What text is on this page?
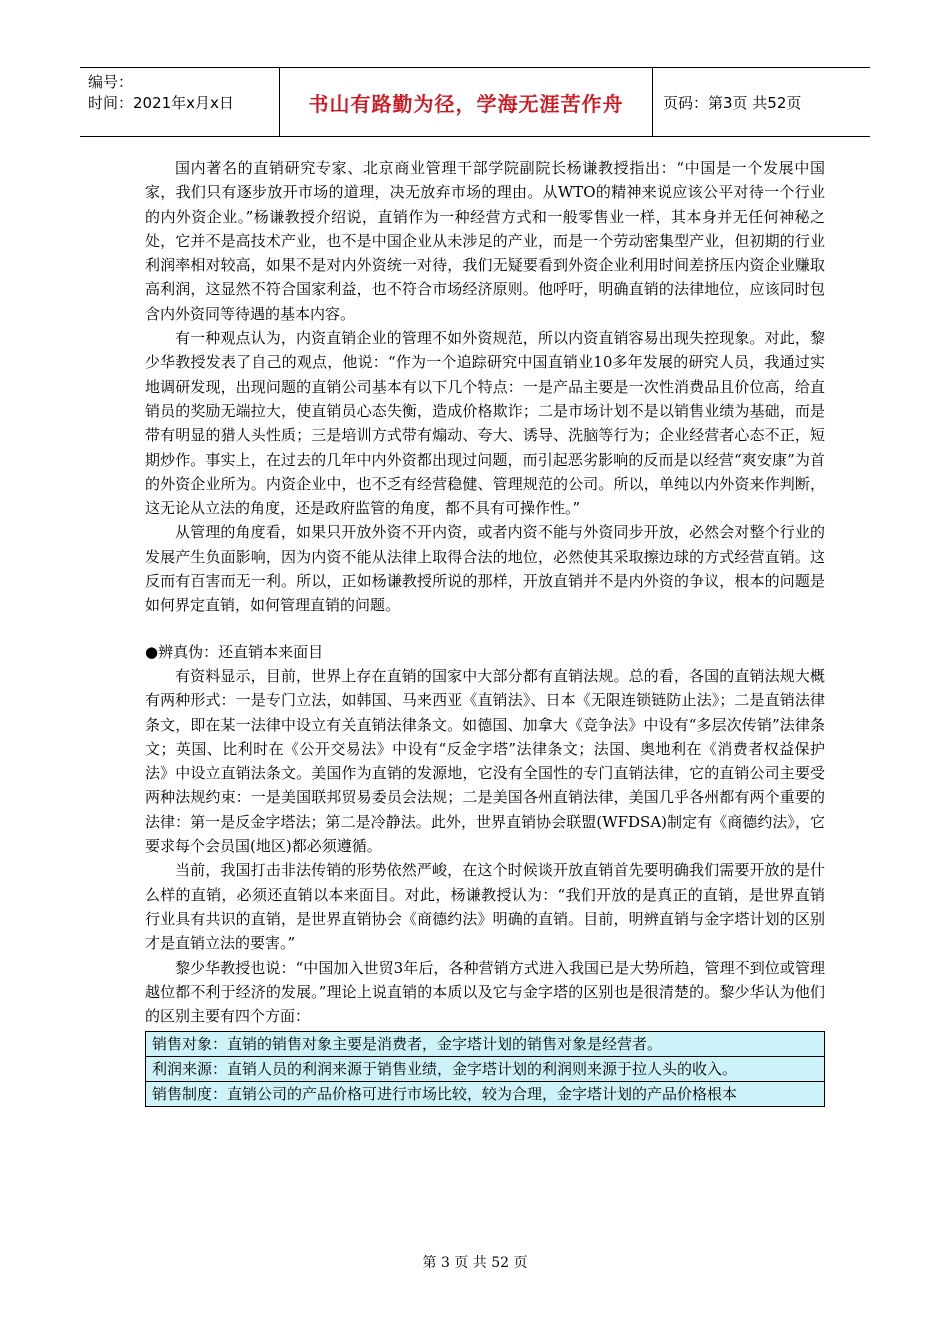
编号：
时间：2021年x月x日	书山有路勤为径，学海无涯苦作舟	页码：第3页 共52页

国内著名的直销研究专家、北京商业管理干部学院副院长杨谦教授指出：“中国是一个发展中国家，我们只有逐步放开市场的道理，决无放弃市场的理由。从WTO的精神来说应该公平对待一个行业的内外资企业。”杨谦教授介绍说，直销作为一种经营方式和一般零售业一样，其本身并无任何神秘之处，它并不是高技术产业，也不是中国企业从未涉足的产业，而是一个劳动密集型产业，但初期的行业利润率相对较高，如果不是对内外资统一对待，我们无疑要看到外资企业利用时间差挤压内资企业赚取高利润，这显然不符合国家利益，也不符合市场经济原则。他呼吁，明确直销的法律地位，应该同时包含内外资同等待遇的基本内容。

有一种观点认为，内资直销企业的管理不如外资规范，所以内资直销容易出现失控现象。对此，黎少华教授发表了自己的观点，他说：“作为一个追踪研究中国直销业10多年发展的研究人员，我通过实地调研发现，出现问题的直销公司基本有以下几个特点：一是产品主要是一次性消费品且价位高，给直销员的奖励无端拉大，使直销员心态失衡，造成价格欺诈；二是市场计划不是以销售业绩为基础，而是带有明显的猎人头性质；三是培训方式带有煽动、夸大、诱导、洗脑等行为；企业经营者心态不正，短期炒作。事实上，在过去的几年中内外资都出现过问题，而引起恶劣影响的反而是以经营“爽安康”为首的外资企业所为。内资企业中，也不乏有经营稳健、管理规范的公司。所以，单纯以内外资来作判断，这无论从立法的角度，还是政府监管的角度，都不具有可操作性。”

从管理的角度看，如果只开放外资不开内资，或者内资不能与外资同步开放，必然会对整个行业的发展产生负面影响，因为内资不能从法律上取得合法的地位，必然使其采取擦边球的方式经营直销。这反而有百害而无一利。所以，正如杨谦教授所说的那样，开放直销并不是内外资的争议，根本的问题是如何界定直销，如何管理直销的问题。

●辨真伪：还直销本来面目

有资料显示，目前，世界上存在直销的国家中大部分都有直销法规。总的看，各国的直销法规大概有两种形式：一是专门立法，如韩国、马来西亚《直销法》、日本《无限连锁链防止法》；二是直销法律条文，即在某一法律中设立有关直销法律条文。如德国、加拿大《竞争法》中设有“多层次传销”法律条文；英国、比利时在《公开交易法》中设有“反金字塔”法律条文；法国、奥地利在《消费者权益保护法》中设立直销法条文。美国作为直销的发源地，它没有全国性的专门直销法律，它的直销公司主要受两种法规约束：一是美国联邦贸易委员会法规；二是美国各州直销法律，美国几乎各州都有两个重要的法律：第一是反金字塔法；第二是冷静法。此外，世界直销协会联盟(WFDSA)制定有《商德约法》，它要求每个会员国(地区)都必须遵循。

当前，我国打击非法传销的形势依然严峻，在这个时候谈开放直销首先要明确我们需要开放的是什么样的直销，必须还直销以本来面目。对此，杨谦教授认为：“我们开放的是真正的直销，是世界直销行业具有共识的直销，是世界直销协会《商德约法》明确的直销。目前，明辨直销与金字塔计划的区别才是直销立法的要害。”

黎少华教授也说：“中国加入世贸3年后，各种营销方式进入我国已是大势所趋，管理不到位或管理越位都不利于经济的发展。”理论上说直销的本质以及它与金字塔的区别也是很清楚的。黎少华认为他们的区别主要有四个方面：

销售对象：直销的销售对象主要是消费者，金字塔计划的销售对象是经营者。
利润来源：直销人员的利润来源于销售业绩，金字塔计划的利润则来源于拉人头的收入。
销售制度：直销公司的产品价格可进行市场比较，较为合理，金字塔计划的产品价格根本
第 3 页 共 52 页
